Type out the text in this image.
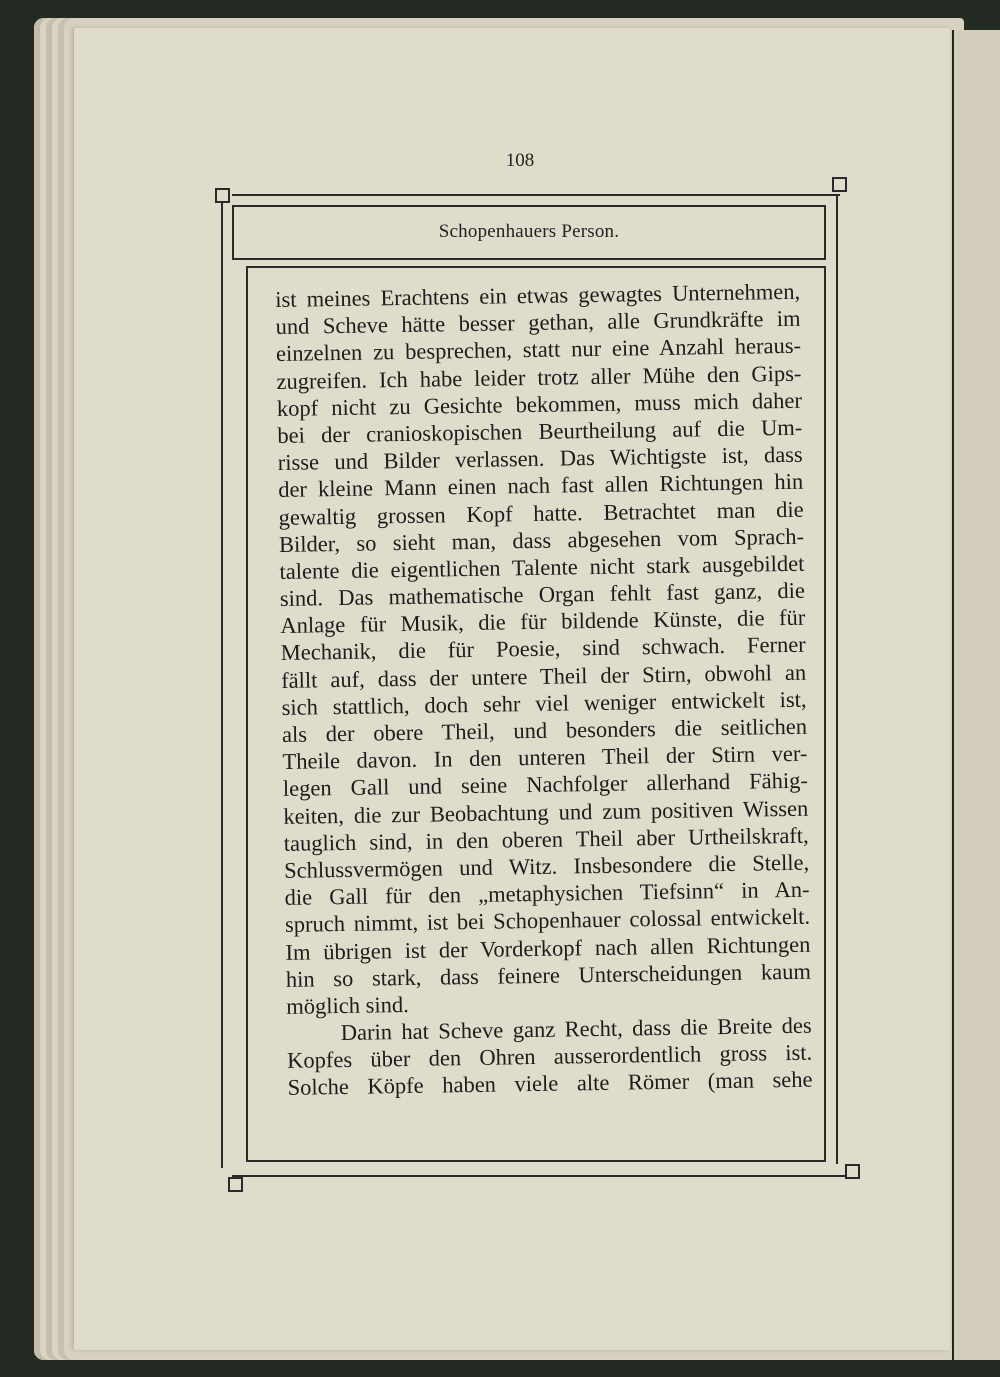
108
Schopenhauers Person.
ist meines Erachtens ein etwas gewagtes Unternehmen,
und Scheve hätte besser gethan, alle Grundkräfte im
einzelnen zu besprechen, statt nur eine Anzahl heraus-
zugreifen. Ich habe leider trotz aller Mühe den Gips-
kopf nicht zu Gesichte bekommen, muss mich daher
bei der cranioskopischen Beurtheilung auf die Um-
risse und Bilder verlassen. Das Wichtigste ist, dass
der kleine Mann einen nach fast allen Richtungen hin
gewaltig grossen Kopf hatte. Betrachtet man die
Bilder, so sieht man, dass abgesehen vom Sprach-
talente die eigentlichen Talente nicht stark ausgebildet
sind. Das mathematische Organ fehlt fast ganz, die
Anlage für Musik, die für bildende Künste, die für
Mechanik, die für Poesie, sind schwach. Ferner
fällt auf, dass der untere Theil der Stirn, obwohl an
sich stattlich, doch sehr viel weniger entwickelt ist,
als der obere Theil, und besonders die seitlichen
Theile davon. In den unteren Theil der Stirn ver-
legen Gall und seine Nachfolger allerhand Fähig-
keiten, die zur Beobachtung und zum positiven Wissen
tauglich sind, in den oberen Theil aber Urtheilskraft,
Schlussvermögen und Witz. Insbesondere die Stelle,
die Gall für den „metaphysichen Tiefsinn“ in An-
spruch nimmt, ist bei Schopenhauer colossal entwickelt.
Im übrigen ist der Vorderkopf nach allen Richtungen
hin so stark, dass feinere Unterscheidungen kaum
möglich sind.
Darin hat Scheve ganz Recht, dass die Breite des
Kopfes über den Ohren ausserordentlich gross ist.
Solche Köpfe haben viele alte Römer (man sehe
